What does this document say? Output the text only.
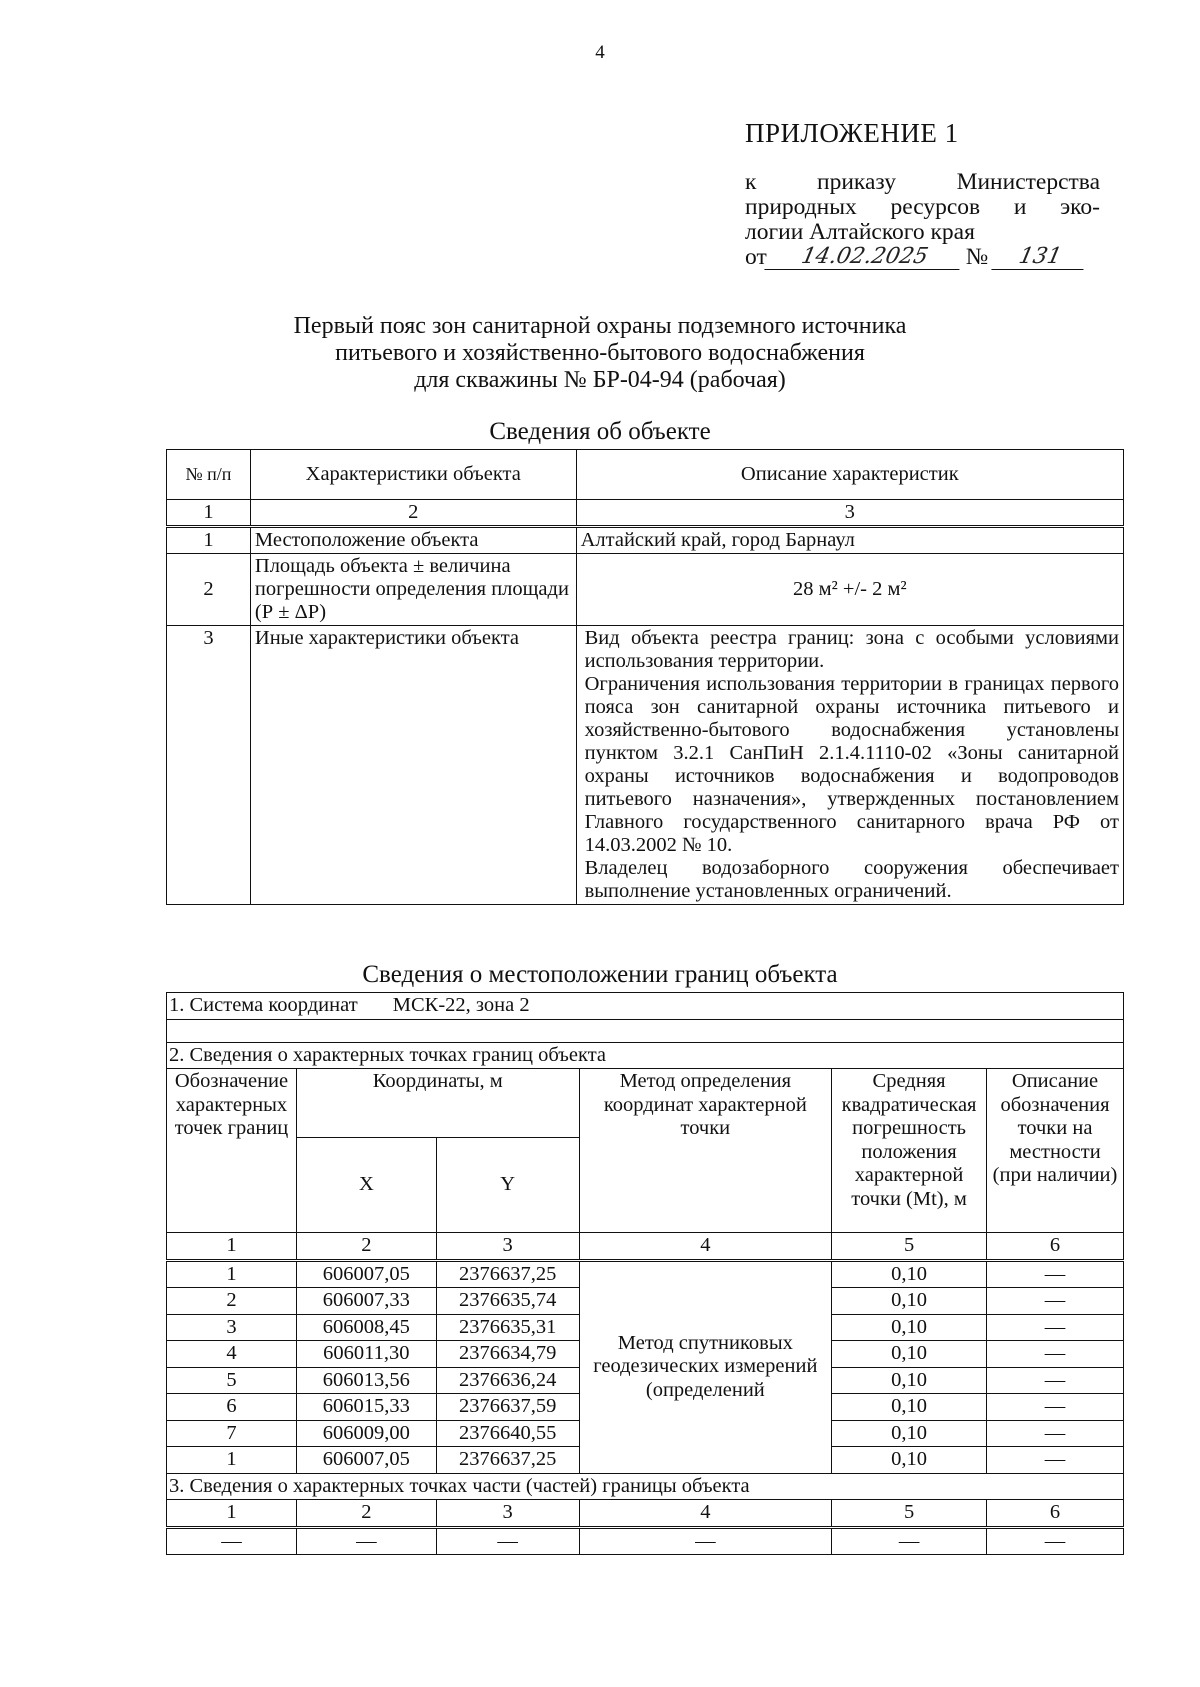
4
ПРИЛОЖЕНИЕ 1
к	приказу	Министерства
природных ресурсов и эко-
логии Алтайского края
от	14.02.2025	№	131
Первый пояс зон санитарной охраны подземного источника
питьевого и хозяйственно-бытового водоснабжения
для скважины № БР-04-94 (рабочая)
Сведения об объекте
№ п/п	Характеристики объекта	Описание характеристик
1	2	3
1	Местоположение объекта	Алтайский край, город Барнаул
2	Площадь объекта ± величина погрешности определения площади (Р ± ΔР)	28 м² +/- 2 м²
3	Иные характеристики объекта	Вид объекта реестра границ: зона с особыми условиями использования территории.
Ограничения использования территории в границах первого пояса зон санитарной охраны источника питьевого и хозяйственно-бытового водоснабжения установлены пунктом 3.2.1 СанПиН 2.1.4.1110-02 «Зоны санитарной охраны источников водоснабжения и водопроводов питьевого назначения», утвержденных постановлением Главного государственного санитарного врача РФ от 14.03.2002 № 10.
Владелец водозаборного сооружения обеспечивает выполнение установленных ограничений.
Сведения о местоположении границ объекта
1. Система координат МСК-22, зона 2					

2. Сведения о характерных точках границ объекта					
Обозначение характерных точек границ	Координаты, м		Метод определения координат характерной точки	Средняя квадратическая погрешность положения характерной точки (Mt), м	Описание обозначения точки на местности (при наличии)
	X	Y			
1	2	3	4	5	6
1	606007,05	2376637,25	Метод спутниковых геодезических измерений (определений	0,10	—
2	606007,33	2376635,74		0,10	—
3	606008,45	2376635,31		0,10	—
4	606011,30	2376634,79		0,10	—
5	606013,56	2376636,24		0,10	—
6	606015,33	2376637,59		0,10	—
7	606009,00	2376640,55		0,10	—
1	606007,05	2376637,25		0,10	—
3. Сведения о характерных точках части (частей) границы объекта					
1	2	3	4	5	6
—	—	—	—	—	—
